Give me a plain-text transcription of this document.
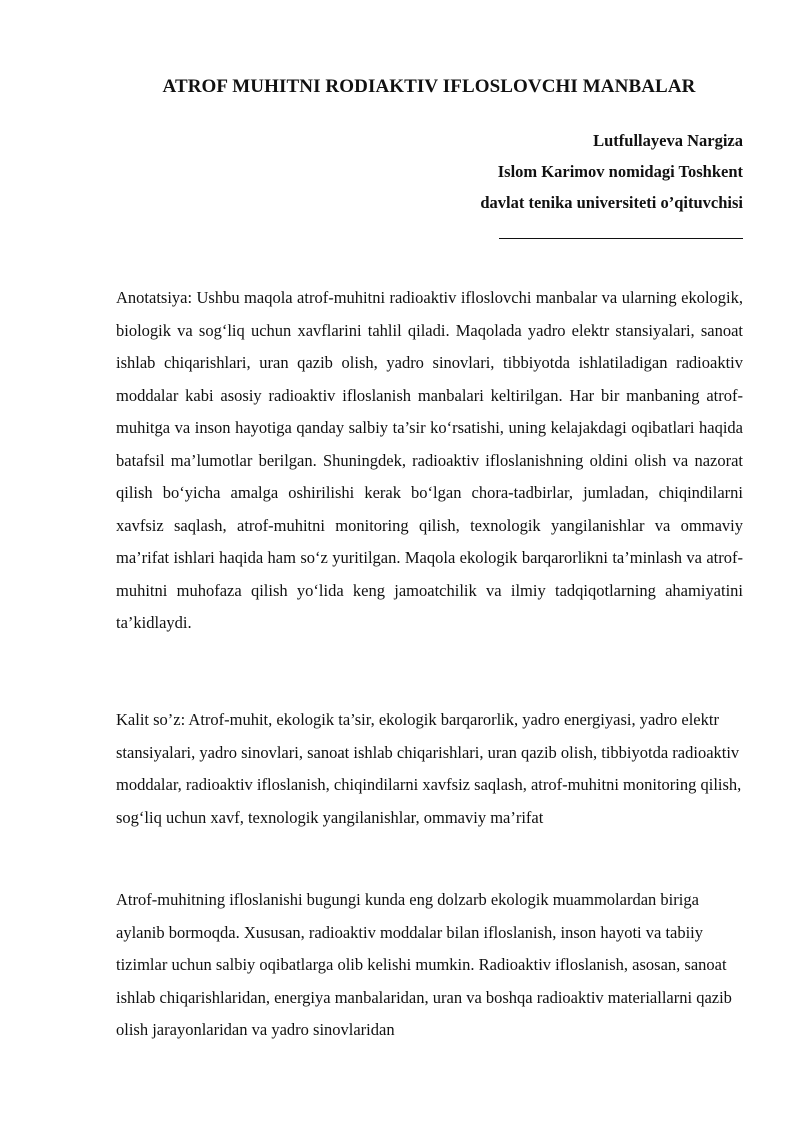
ATROF MUHITNI RODIAKTIV IFLOSLOVCHI MANBALAR
Lutfullayeva Nargiza
Islom Karimov nomidagi Toshkent
davlat tenika universiteti o’qituvchisi

Anotatsiya: Ushbu maqola atrof-muhitni radioaktiv ifloslovchi manbalar va ularning ekologik, biologik va sog‘liq uchun xavflarini tahlil qiladi. Maqolada yadro elektr stansiyalari, sanoat ishlab chiqarishlari, uran qazib olish, yadro sinovlari, tibbiyotda ishlatiladigan radioaktiv moddalar kabi asosiy radioaktiv ifloslanish manbalari keltirilgan. Har bir manbaning atrof-muhitga va inson hayotiga qanday salbiy ta’sir ko‘rsatishi, uning kelajakdagi oqibatlari haqida batafsil ma’lumotlar berilgan. Shuningdek, radioaktiv ifloslanishning oldini olish va nazorat qilish bo‘yicha amalga oshirilishi kerak bo‘lgan chora-tadbirlar, jumladan, chiqindilarni xavfsiz saqlash, atrof-muhitni monitoring qilish, texnologik yangilanishlar va ommaviy ma’rifat ishlari haqida ham so‘z yuritilgan. Maqola ekologik barqarorlikni ta’minlash va atrof-muhitni muhofaza qilish yo‘lida keng jamoatchilik va ilmiy tadqiqotlarning ahamiyatini ta’kidlaydi.

Kalit so’z: Atrof-muhit, ekologik ta’sir, ekologik barqarorlik, yadro energiyasi, yadro elektr stansiyalari, yadro sinovlari, sanoat ishlab chiqarishlari, uran qazib olish, tibbiyotda radioaktiv moddalar, radioaktiv ifloslanish, chiqindilarni xavfsiz saqlash, atrof-muhitni monitoring qilish, sog‘liq uchun xavf, texnologik yangilanishlar, ommaviy ma’rifat

Atrof-muhitning ifloslanishi bugungi kunda eng dolzarb ekologik muammolardan biriga aylanib bormoqda. Xususan, radioaktiv moddalar bilan ifloslanish, inson hayoti va tabiiy tizimlar uchun salbiy oqibatlarga olib kelishi mumkin. Radioaktiv ifloslanish, asosan, sanoat ishlab chiqarishlaridan, energiya manbalaridan, uran va boshqa radioaktiv materiallarni qazib olish jarayonlaridan va yadro sinovlaridan
